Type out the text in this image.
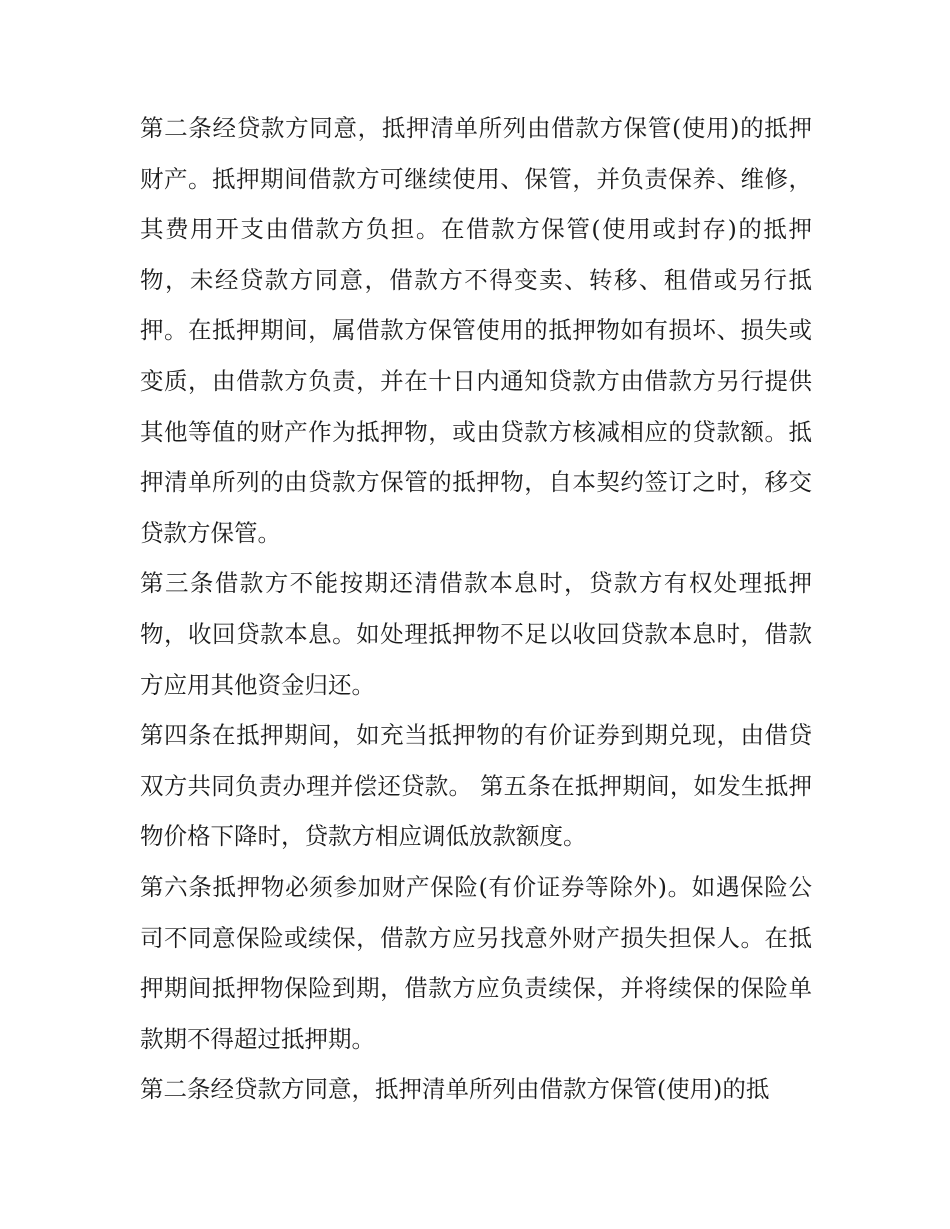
第二条经贷款方同意，抵押清单所列由借款方保管(使用)的抵押财产。抵押期间借款方可继续使用、保管，并负责保养、维修，其费用开支由借款方负担。在借款方保管(使用或封存)的抵押物，未经贷款方同意，借款方不得变卖、转移、租借或另行抵押。在抵押期间，属借款方保管使用的抵押物如有损坏、损失或变质，由借款方负责，并在十日内通知贷款方由借款方另行提供其他等值的财产作为抵押物，或由贷款方核减相应的贷款额。抵押清单所列的由贷款方保管的抵押物，自本契约签订之时，移交贷款方保管。

第三条借款方不能按期还清借款本息时，贷款方有权处理抵押物，收回贷款本息。如处理抵押物不足以收回贷款本息时，借款方应用其他资金归还。

第四条在抵押期间，如充当抵押物的有价证券到期兑现，由借贷双方共同负责办理并偿还贷款。 第五条在抵押期间，如发生抵押物价格下降时，贷款方相应调低放款额度。

第六条抵押物必须参加财产保险(有价证券等除外)。如遇保险公司不同意保险或续保，借款方应另找意外财产损失担保人。在抵押期间抵押物保险到期，借款方应负责续保，并将续保的保险单款期不得超过抵押期。

第二条经贷款方同意，抵押清单所列由借款方保管(使用)的抵
